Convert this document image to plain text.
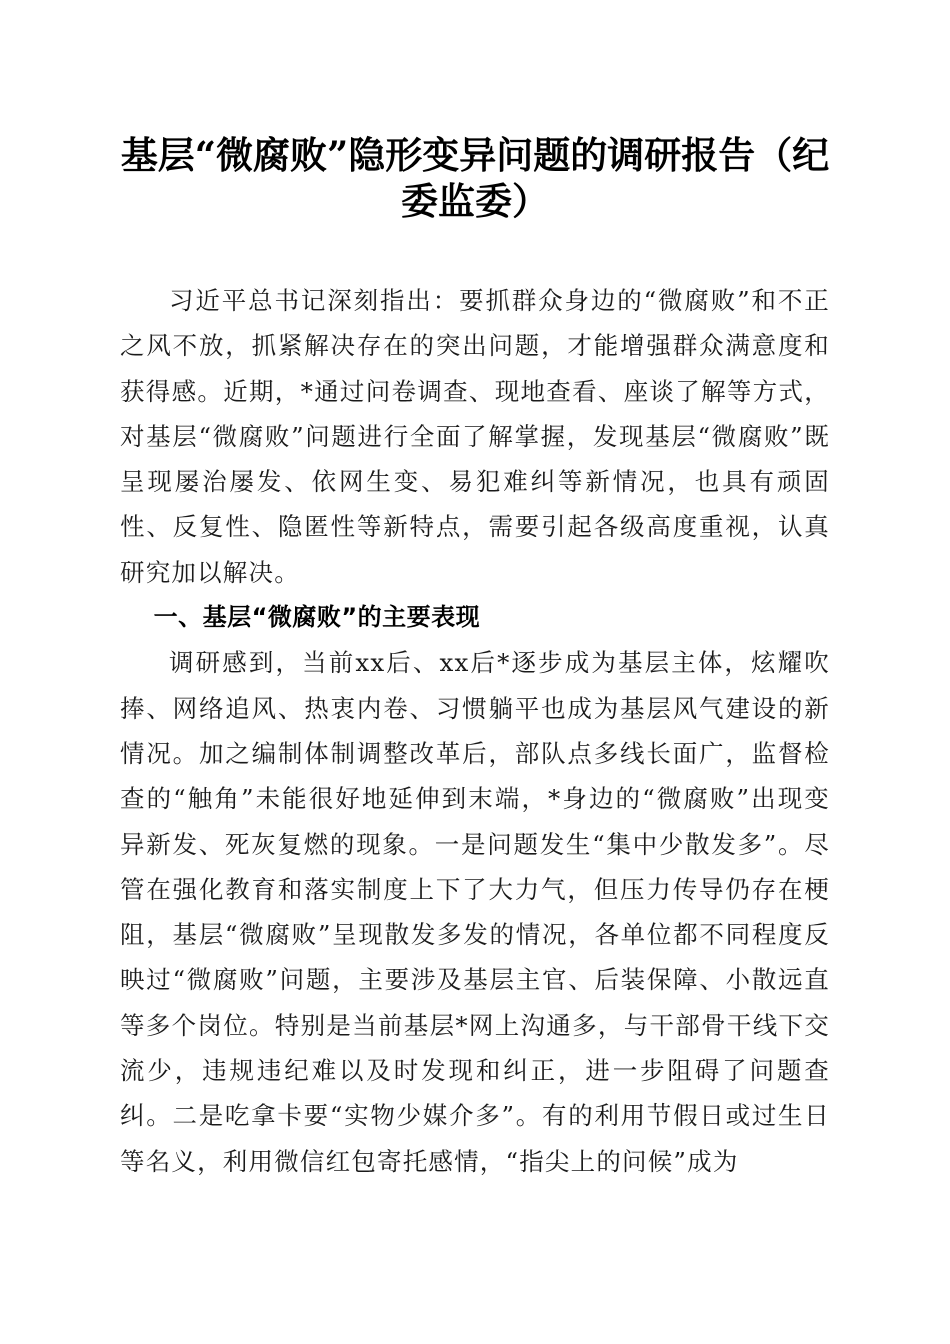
基层“微腐败”隐形变异问题的调研报告（纪委监委）

习近平总书记深刻指出：要抓群众身边的“微腐败”和不正之风不放，抓紧解决存在的突出问题，才能增强群众满意度和获得感。近期，*通过问卷调查、现地查看、座谈了解等方式，对基层“微腐败”问题进行全面了解掌握，发现基层“微腐败”既呈现屡治屡发、依网生变、易犯难纠等新情况，也具有顽固性、反复性、隐匿性等新特点，需要引起各级高度重视，认真研究加以解决。

一、基层“微腐败”的主要表现

调研感到，当前xx后、xx后*逐步成为基层主体，炫耀吹捧、网络追风、热衷内卷、习惯躺平也成为基层风气建设的新情况。加之编制体制调整改革后，部队点多线长面广，监督检查的“触角”未能很好地延伸到末端，*身边的“微腐败”出现变异新发、死灰复燃的现象。一是问题发生“集中少散发多”。尽管在强化教育和落实制度上下了大力气，但压力传导仍存在梗阻，基层“微腐败”呈现散发多发的情况，各单位都不同程度反映过“微腐败”问题，主要涉及基层主官、后装保障、小散远直等多个岗位。特别是当前基层*网上沟通多，与干部骨干线下交流少，违规违纪难以及时发现和纠正，进一步阻碍了问题查纠。二是吃拿卡要“实物少媒介多”。有的利用节假日或过生日等名义，利用微信红包寄托感情，“指尖上的问候”成为
